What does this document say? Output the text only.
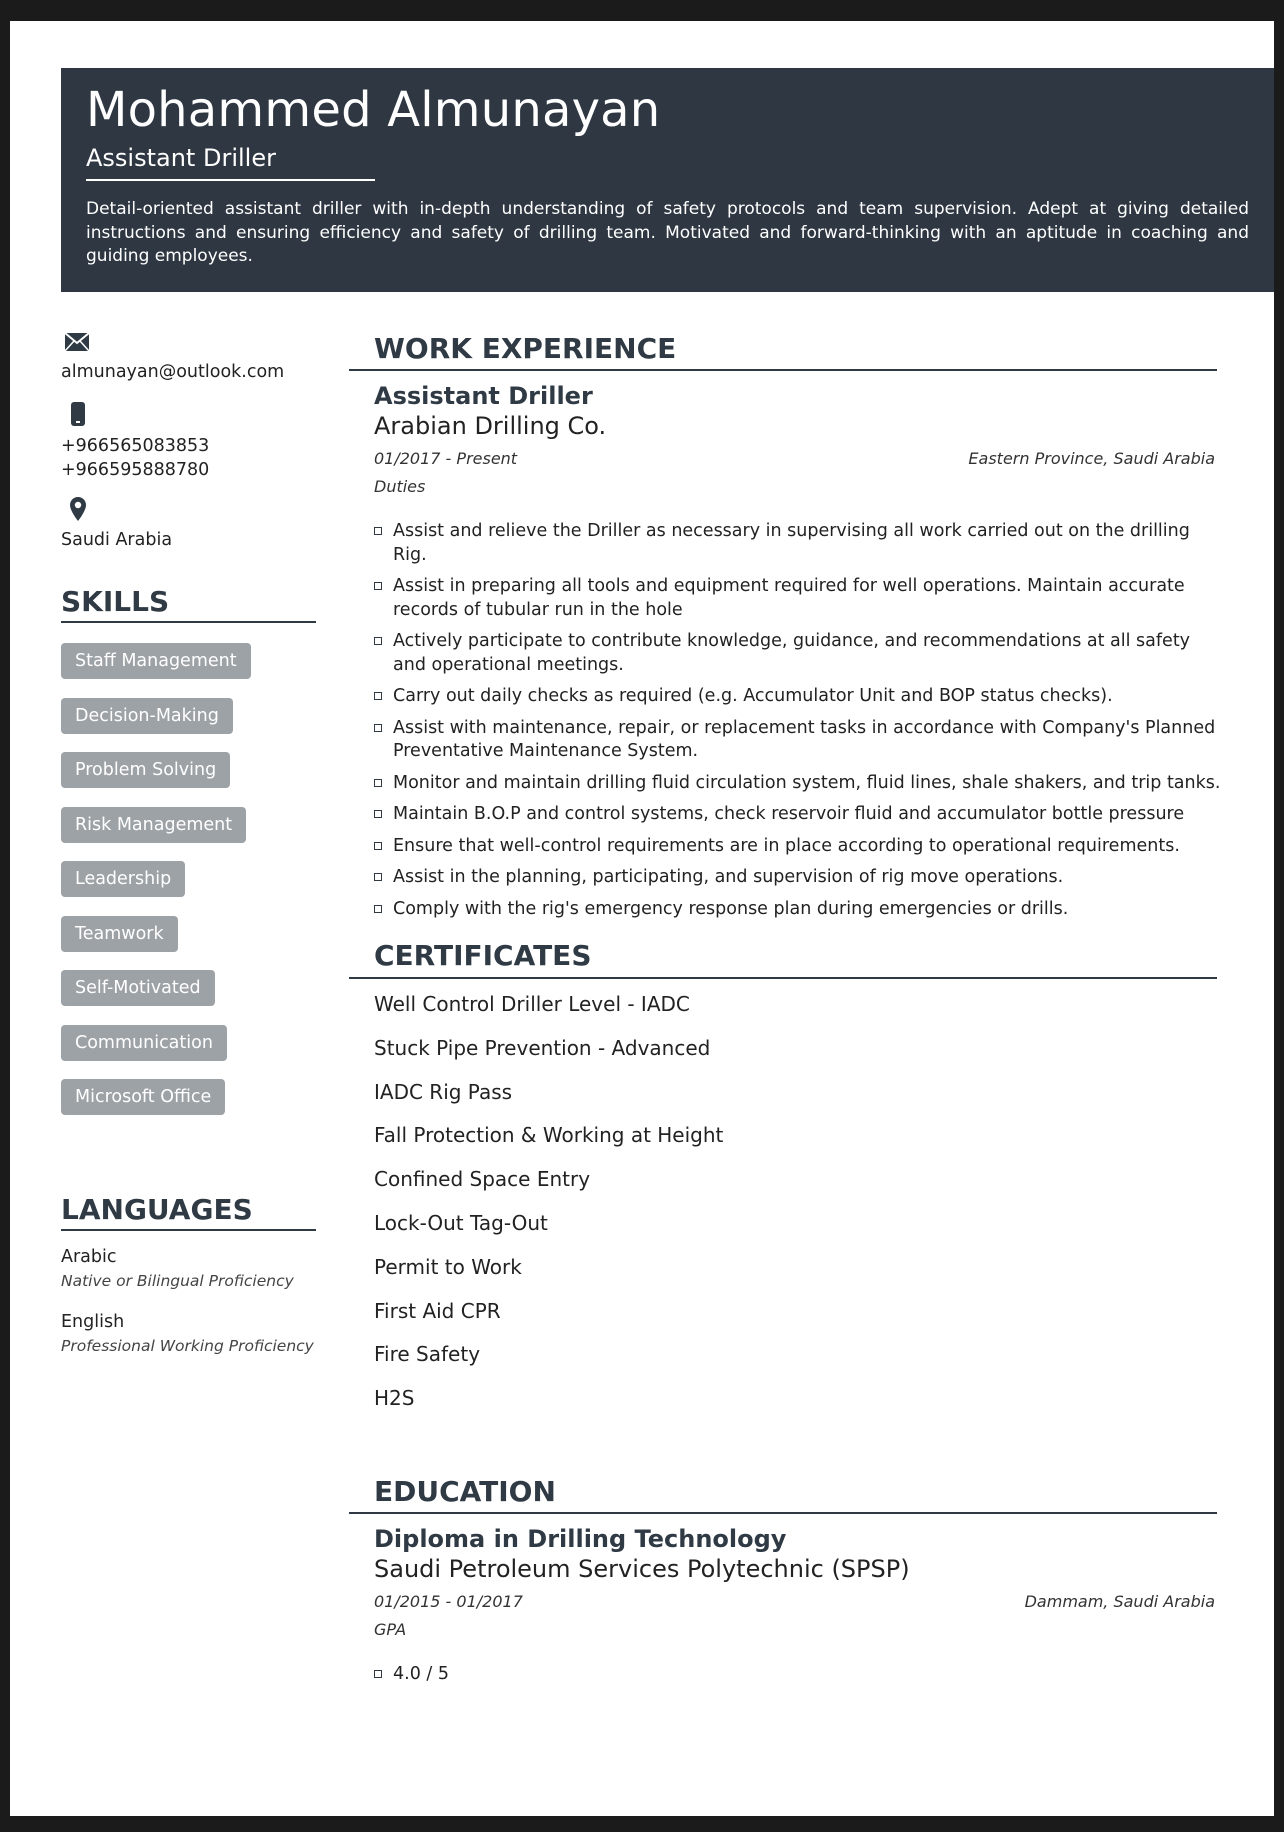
Mohammed Almunayan
Assistant Driller
Detail-oriented assistant driller with in-depth understanding of safety protocols and team supervision. Adept at giving detailed instructions and ensuring efficiency and safety of drilling team. Motivated and forward-thinking with an aptitude in coaching and guiding employees.
almunayan@outlook.com
+966565083853
+966595888780
Saudi Arabia
SKILLS
Staff Management
Decision-Making
Problem Solving
Risk Management
Leadership
Teamwork
Self-Motivated
Communication
Microsoft Office
LANGUAGES
Arabic
Native or Bilingual Proficiency
English
Professional Working Proficiency
WORK EXPERIENCE
Assistant Driller
Arabian Drilling Co.
01/2017 - Present	Eastern Province, Saudi Arabia
Duties
Assist and relieve the Driller as necessary in supervising all work carried out on the drilling Rig.
Assist in preparing all tools and equipment required for well operations. Maintain accurate records of tubular run in the hole
Actively participate to contribute knowledge, guidance, and recommendations at all safety and operational meetings.
Carry out daily checks as required (e.g. Accumulator Unit and BOP status checks).
Assist with maintenance, repair, or replacement tasks in accordance with Company's Planned Preventative Maintenance System.
Monitor and maintain drilling fluid circulation system, fluid lines, shale shakers, and trip tanks.
Maintain B.O.P and control systems, check reservoir fluid and accumulator bottle pressure
Ensure that well-control requirements are in place according to operational requirements.
Assist in the planning, participating, and supervision of rig move operations.
Comply with the rig's emergency response plan during emergencies or drills.
CERTIFICATES
Well Control Driller Level - IADC
Stuck Pipe Prevention - Advanced
IADC Rig Pass
Fall Protection & Working at Height
Confined Space Entry
Lock-Out Tag-Out
Permit to Work
First Aid CPR
Fire Safety
H2S
EDUCATION
Diploma in Drilling Technology
Saudi Petroleum Services Polytechnic (SPSP)
01/2015 - 01/2017	Dammam, Saudi Arabia
GPA
4.0 / 5
